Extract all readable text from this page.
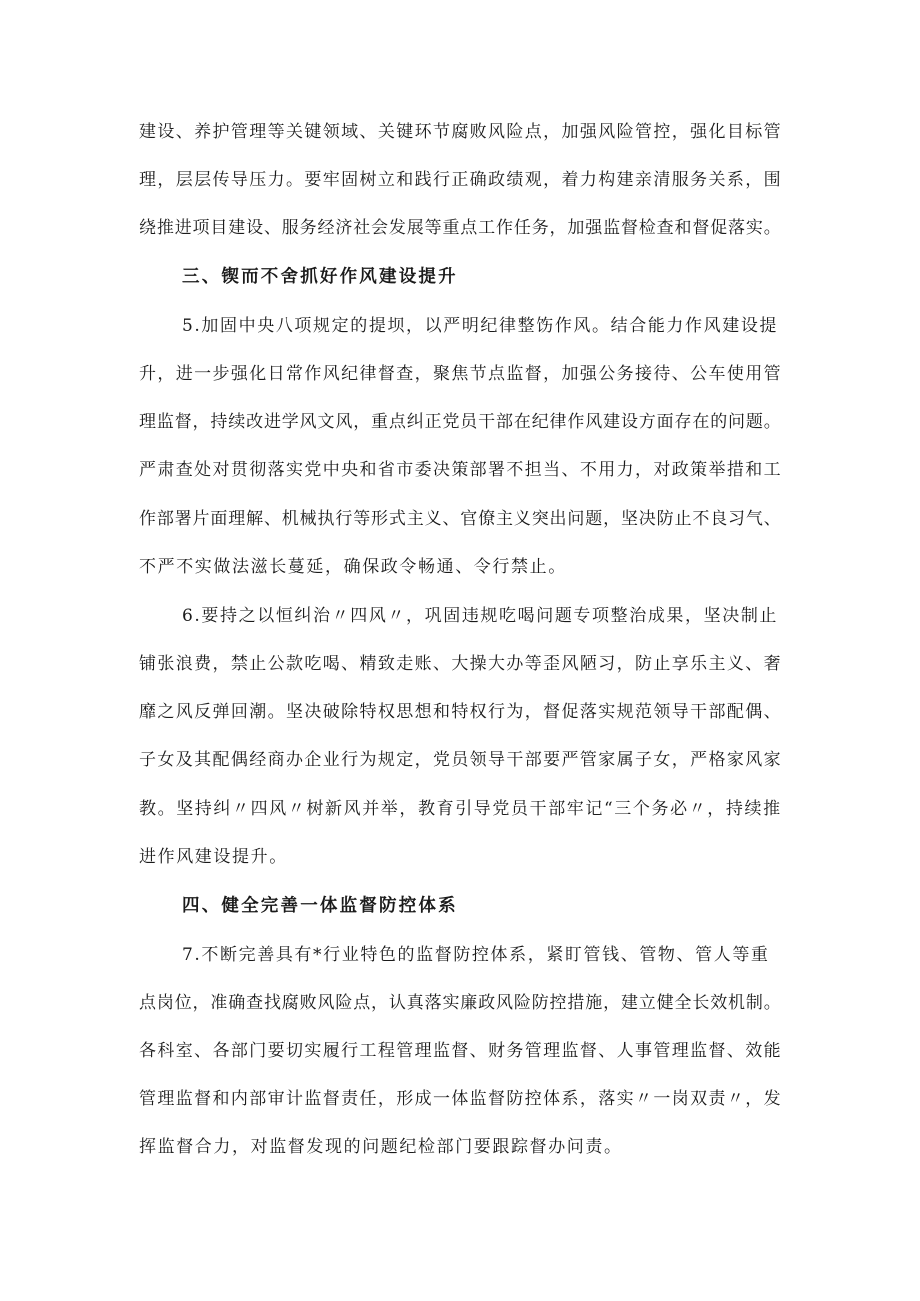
建设、养护管理等关键领域、关键环节腐败风险点，加强风险管控，强化目标管
理，层层传导压力。要牢固树立和践行正确政绩观，着力构建亲清服务关系，围
绕推进项目建设、服务经济社会发展等重点工作任务，加强监督检查和督促落实。
三、锲而不舍抓好作风建设提升
5.加固中央八项规定的提坝，以严明纪律整饬作风。结合能力作风建设提
升，进一步强化日常作风纪律督查，聚焦节点监督，加强公务接待、公车使用管
理监督，持续改进学风文风，重点纠正党员干部在纪律作风建设方面存在的问题。
严肃查处对贯彻落实党中央和省市委决策部署不担当、不用力，对政策举措和工
作部署片面理解、机械执行等形式主义、官僚主义突出问题，坚决防止不良习气、
不严不实做法滋长蔓延，确保政令畅通、令行禁止。
6.要持之以恒纠治〃四风〃，巩固违规吃喝问题专项整治成果，坚决制止
铺张浪费，禁止公款吃喝、精致走账、大操大办等歪风陋习，防止享乐主义、奢
靡之风反弹回潮。坚决破除特权思想和特权行为，督促落实规范领导干部配偶、
子女及其配偶经商办企业行为规定，党员领导干部要严管家属子女，严格家风家
教。坚持纠〃四风〃树新风并举，教育引导党员干部牢记“三个务必〃，持续推
进作风建设提升。
四、健全完善一体监督防控体系
7.不断完善具有*行业特色的监督防控体系，紧盯管钱、管物、管人等重
点岗位，准确查找腐败风险点，认真落实廉政风险防控措施，建立健全长效机制。
各科室、各部门要切实履行工程管理监督、财务管理监督、人事管理监督、效能
管理监督和内部审计监督责任，形成一体监督防控体系，落实〃一岗双责〃，发
挥监督合力，对监督发现的问题纪检部门要跟踪督办问责。
